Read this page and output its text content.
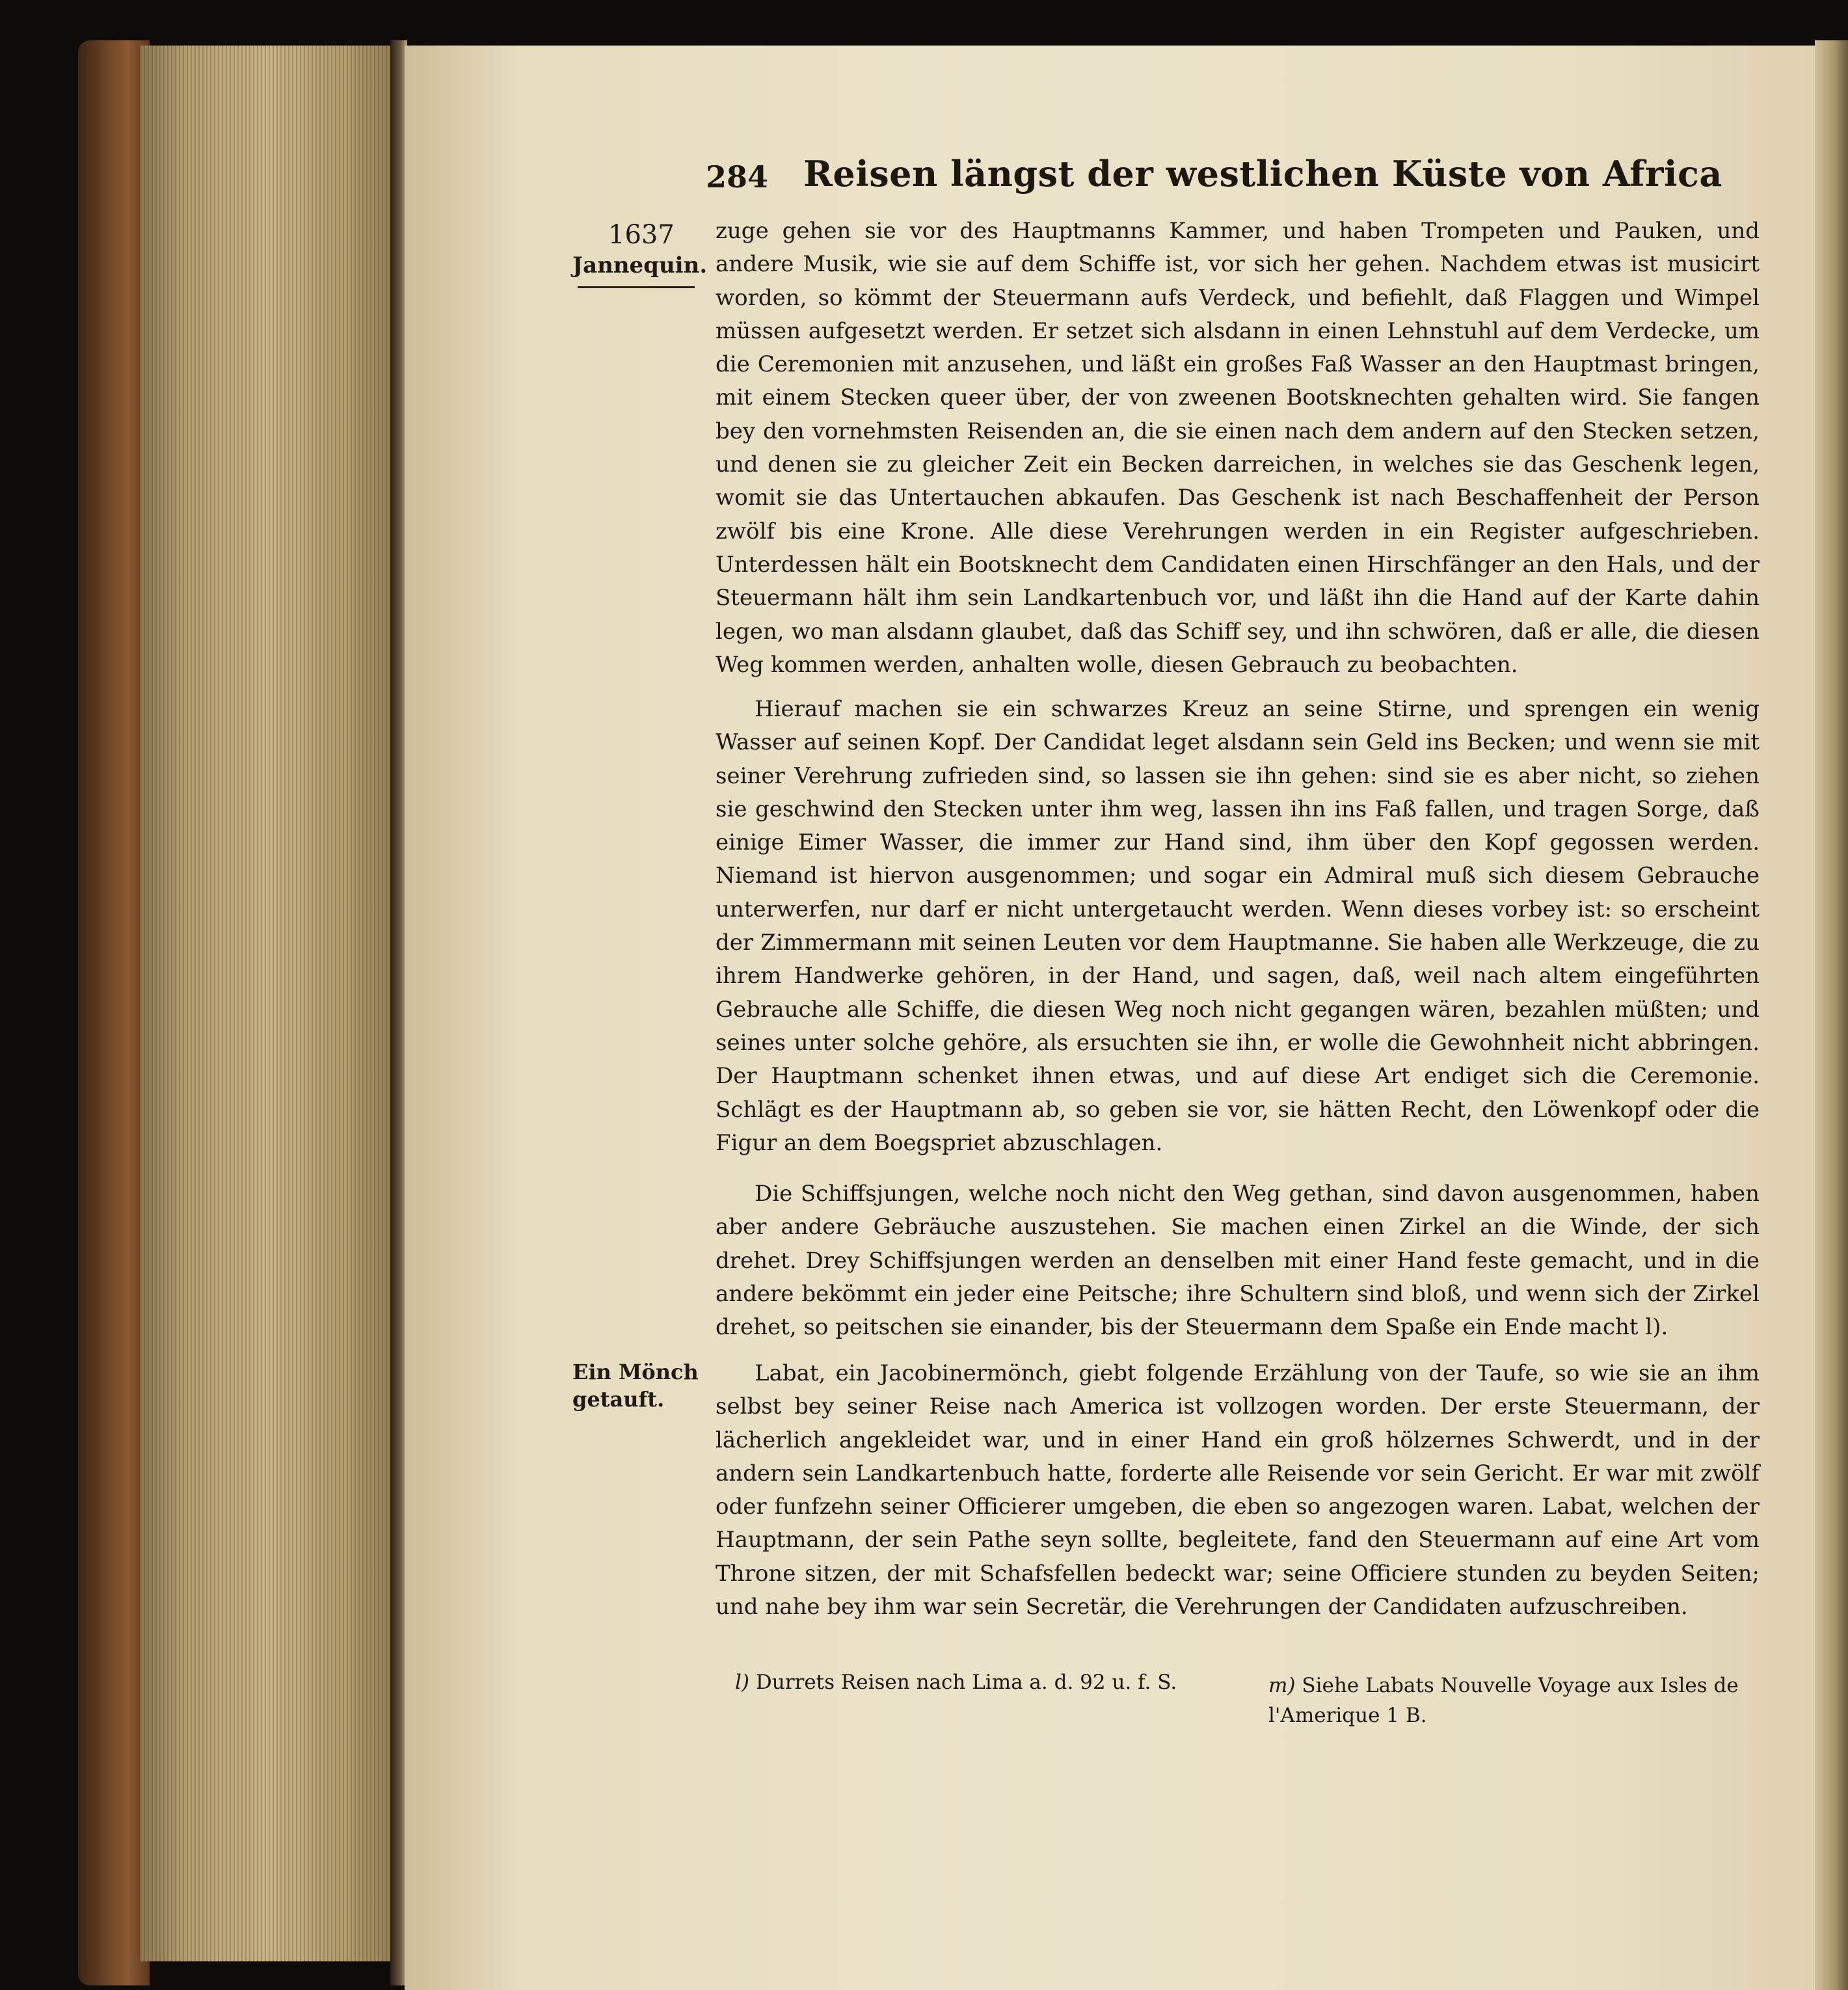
284 Reisen längst der westlichen Küste von Africa
1637
Jannequin.
Ein Mönch
getauft.

zuge gehen sie vor des Hauptmanns Kammer, und haben Trompeten und Pauken, und andere Musik, wie sie auf dem Schiffe ist, vor sich her gehen. Nachdem etwas ist musicirt worden, so kömmt der Steuermann aufs Verdeck, und befiehlt, daß Flaggen und Wimpel müssen aufgesetzt werden. Er setzet sich alsdann in einen Lehnstuhl auf dem Verdecke, um die Ceremonien mit anzusehen, und läßt ein großes Faß Wasser an den Hauptmast bringen, mit einem Stecken queer über, der von zweenen Bootsknechten gehalten wird. Sie fangen bey den vornehmsten Reisenden an, die sie einen nach dem andern auf den Stecken setzen, und denen sie zu gleicher Zeit ein Becken darreichen, in welches sie das Geschenk legen, womit sie das Untertauchen abkaufen. Das Geschenk ist nach Beschaffenheit der Person zwölf bis eine Krone. Alle diese Verehrungen werden in ein Register aufgeschrieben. Unterdessen hält ein Bootsknecht dem Candidaten einen Hirschfänger an den Hals, und der Steuermann hält ihm sein Landkartenbuch vor, und läßt ihn die Hand auf der Karte dahin legen, wo man alsdann glaubet, daß das Schiff sey, und ihn schwören, daß er alle, die diesen Weg kommen werden, anhalten wolle, diesen Gebrauch zu beobachten.

Hierauf machen sie ein schwarzes Kreuz an seine Stirne, und sprengen ein wenig Wasser auf seinen Kopf. Der Candidat leget alsdann sein Geld ins Becken; und wenn sie mit seiner Verehrung zufrieden sind, so lassen sie ihn gehen: sind sie es aber nicht, so ziehen sie geschwind den Stecken unter ihm weg, lassen ihn ins Faß fallen, und tragen Sorge, daß einige Eimer Wasser, die immer zur Hand sind, ihm über den Kopf gegossen werden. Niemand ist hiervon ausgenommen; und sogar ein Admiral muß sich diesem Gebrauche unterwerfen, nur darf er nicht untergetaucht werden. Wenn dieses vorbey ist: so erscheint der Zimmermann mit seinen Leuten vor dem Hauptmanne. Sie haben alle Werkzeuge, die zu ihrem Handwerke gehören, in der Hand, und sagen, daß, weil nach altem eingeführten Gebrauche alle Schiffe, die diesen Weg noch nicht gegangen wären, bezahlen müßten; und seines unter solche gehöre, als ersuchten sie ihn, er wolle die Gewohnheit nicht abbringen. Der Hauptmann schenket ihnen etwas, und auf diese Art endiget sich die Ceremonie. Schlägt es der Hauptmann ab, so geben sie vor, sie hätten Recht, den Löwenkopf oder die Figur an dem Boegspriet abzuschlagen.

Die Schiffsjungen, welche noch nicht den Weg gethan, sind davon ausgenommen, haben aber andere Gebräuche auszustehen. Sie machen einen Zirkel an die Winde, der sich drehet. Drey Schiffsjungen werden an denselben mit einer Hand feste gemacht, und in die andere bekömmt ein jeder eine Peitsche; ihre Schultern sind bloß, und wenn sich der Zirkel drehet, so peitschen sie einander, bis der Steuermann dem Spaße ein Ende macht l).

Labat, ein Jacobinermönch, giebt folgende Erzählung von der Taufe, so wie sie an ihm selbst bey seiner Reise nach America ist vollzogen worden. Der erste Steuermann, der lächerlich angekleidet war, und in einer Hand ein groß hölzernes Schwerdt, und in der andern sein Landkartenbuch hatte, forderte alle Reisende vor sein Gericht. Er war mit zwölf oder funfzehn seiner Officierer umgeben, die eben so angezogen waren. Labat, welchen der Hauptmann, der sein Pathe seyn sollte, begleitete, fand den Steuermann auf eine Art vom Throne sitzen, der mit Schafsfellen bedeckt war; seine Officiere stunden zu beyden Seiten; und nahe bey ihm war sein Secretär, die Verehrungen der Candidaten aufzuschreiben.

l) Durrets Reisen nach Lima a. d. 92 u. f. S.	m) Siehe Labats Nouvelle Voyage aux Isles de l'Amerique 1 B.
